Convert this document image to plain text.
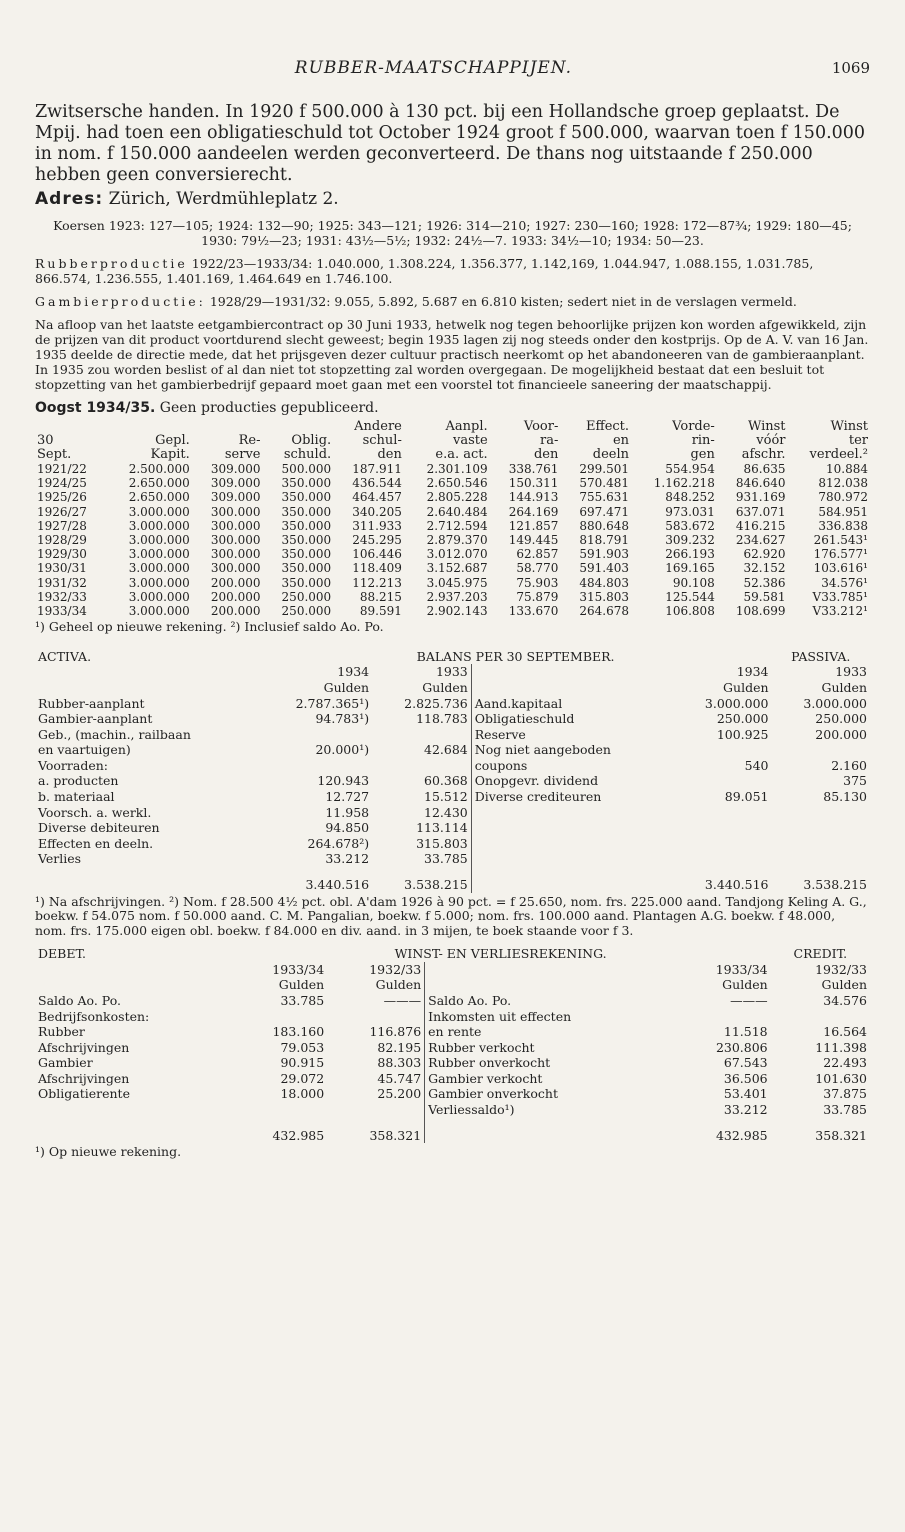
RUBBER-MAATSCHAPPIJEN.	1069

Zwitsersche handen. In 1920 f 500.000 à 130 pct. bij een Hollandsche groep geplaatst. De Mpij. had toen een obligatieschuld tot October 1924 groot f 500.000, waarvan toen f 150.000 in nom. f 150.000 aandeelen werden geconverteerd. De thans nog uitstaande f 250.000 hebben geen conversierecht.

Adres: Zürich, Werdmühleplatz 2.

Koersen 1923: 127—105; 1924: 132—90; 1925: 343—121; 1926: 314—210; 1927: 230—160; 1928: 172—87¾; 1929: 180—45; 1930: 79½—23; 1931: 43½—5½; 1932: 24½—7. 1933: 34½—10; 1934: 50—23.

Rubberproductie 1922/23—1933/34: 1.040.000, 1.308.224, 1.356.377, 1.142,169, 1.044.947, 1.088.155, 1.031.785, 866.574, 1.236.555, 1.401.169, 1.464.649 en 1.746.100.

Gambierproductie: 1928/29—1931/32: 9.055, 5.892, 5.687 en 6.810 kisten; sedert niet in de verslagen vermeld.

Na afloop van het laatste eetgambiercontract op 30 Juni 1933, hetwelk nog tegen behoorlijke prijzen kon worden afgewikkeld, zijn de prijzen van dit product voortdurend slecht geweest; begin 1935 lagen zij nog steeds onder den kostprijs. Op de A. V. van 16 Jan. 1935 deelde de directie mede, dat het prijsgeven dezer cultuur practisch neerkomt op het abandoneeren van de gambieraanplant. In 1935 zou worden beslist of al dan niet tot stopzetting zal worden overgegaan. De mogelijkheid bestaat dat een besluit tot stopzetting van het gambierbedrijf gepaard moet gaan met een voorstel tot financieele saneering der maatschappij.

Oogst 1934/35. Geen producties gepubliceerd.

				Andere	Aanpl.	Voor-	Effect.	Vorde-	Winst	Winst
30	Gepl.	Re-	Oblig.	schul-	vaste	ra-	en	rin-	vóór	ter
Sept.	Kapit.	serve	schuld.	den	e.a. act.	den	deeln	gen	afschr.	verdeel.²
1921/22	2.500.000	309.000	500.000	187.911	2.301.109	338.761	299.501	554.954	86.635	10.884
1924/25	2.650.000	309.000	350.000	436.544	2.650.546	150.311	570.481	1.162.218	846.640	812.038
1925/26	2.650.000	309.000	350.000	464.457	2.805.228	144.913	755.631	848.252	931.169	780.972
1926/27	3.000.000	300.000	350.000	340.205	2.640.484	264.169	697.471	973.031	637.071	584.951
1927/28	3.000.000	300.000	350.000	311.933	2.712.594	121.857	880.648	583.672	416.215	336.838
1928/29	3.000.000	300.000	350.000	245.295	2.879.370	149.445	818.791	309.232	234.627	261.543¹
1929/30	3.000.000	300.000	350.000	106.446	3.012.070	62.857	591.903	266.193	62.920	176.577¹
1930/31	3.000.000	300.000	350.000	118.409	3.152.687	58.770	591.403	169.165	32.152	103.616¹
1931/32	3.000.000	200.000	350.000	112.213	3.045.975	75.903	484.803	90.108	52.386	34.576¹
1932/33	3.000.000	200.000	250.000	88.215	2.937.203	75.879	315.803	125.544	59.581	V33.785¹
1933/34	3.000.000	200.000	250.000	89.591	2.902.143	133.670	264.678	106.808	108.699	V33.212¹

¹) Geheel op nieuwe rekening. ²) Inclusief saldo Ao. Po.

ACTIVA.	BALANS PER 30 SEPTEMBER.				PASSIVA.
	1934	1933		1934	1933
	Gulden	Gulden		Gulden	Gulden
Rubber-aanplant	2.787.365¹)	2.825.736	Aand.kapitaal	3.000.000	3.000.000
Gambier-aanplant	94.783¹)	118.783	Obligatieschuld	250.000	250.000
Geb., (machin., railbaan			Reserve	100.925	200.000
en vaartuigen)	20.000¹)	42.684	Nog niet aangeboden		
Voorraden:			coupons	540	2.160
a. producten	120.943	60.368	Onopgevr. dividend		375
b. materiaal	12.727	15.512	Diverse crediteuren	89.051	85.130
Voorsch. a. werkl.	11.958	12.430			
Diverse debiteuren	94.850	113.114			
Effecten en deeln.	264.678²)	315.803			
Verlies	33.212	33.785			
	3.440.516	3.538.215		3.440.516	3.538.215

¹) Na afschrijvingen. ²) Nom. f 28.500 4½ pct. obl. A'dam 1926 à 90 pct. = f 25.650, nom. frs. 225.000 aand. Tandjong Keling A. G., boekw. f 54.075 nom. f 50.000 aand. C. M. Pangalian, boekw. f 5.000; nom. frs. 100.000 aand. Plantagen A.G. boekw. f 48.000, nom. frs. 175.000 eigen obl. boekw. f 84.000 en div. aand. in 3 mijen, te boek staande voor f 3.

DEBET.	WINST- EN VERLIESREKENING.				CREDIT.
	1933/34	1932/33		1933/34	1932/33
	Gulden	Gulden		Gulden	Gulden
Saldo Ao. Po.	33.785	———	Saldo Ao. Po.	———	34.576
Bedrijfsonkosten:			Inkomsten uit effecten		
Rubber	183.160	116.876	en rente	11.518	16.564
Afschrijvingen	79.053	82.195	Rubber verkocht	230.806	111.398
Gambier	90.915	88.303	Rubber onverkocht	67.543	22.493
Afschrijvingen	29.072	45.747	Gambier verkocht	36.506	101.630
Obligatierente	18.000	25.200	Gambier onverkocht	53.401	37.875
			Verliessaldo¹)	33.212	33.785
	432.985	358.321		432.985	358.321

¹) Op nieuwe rekening.
